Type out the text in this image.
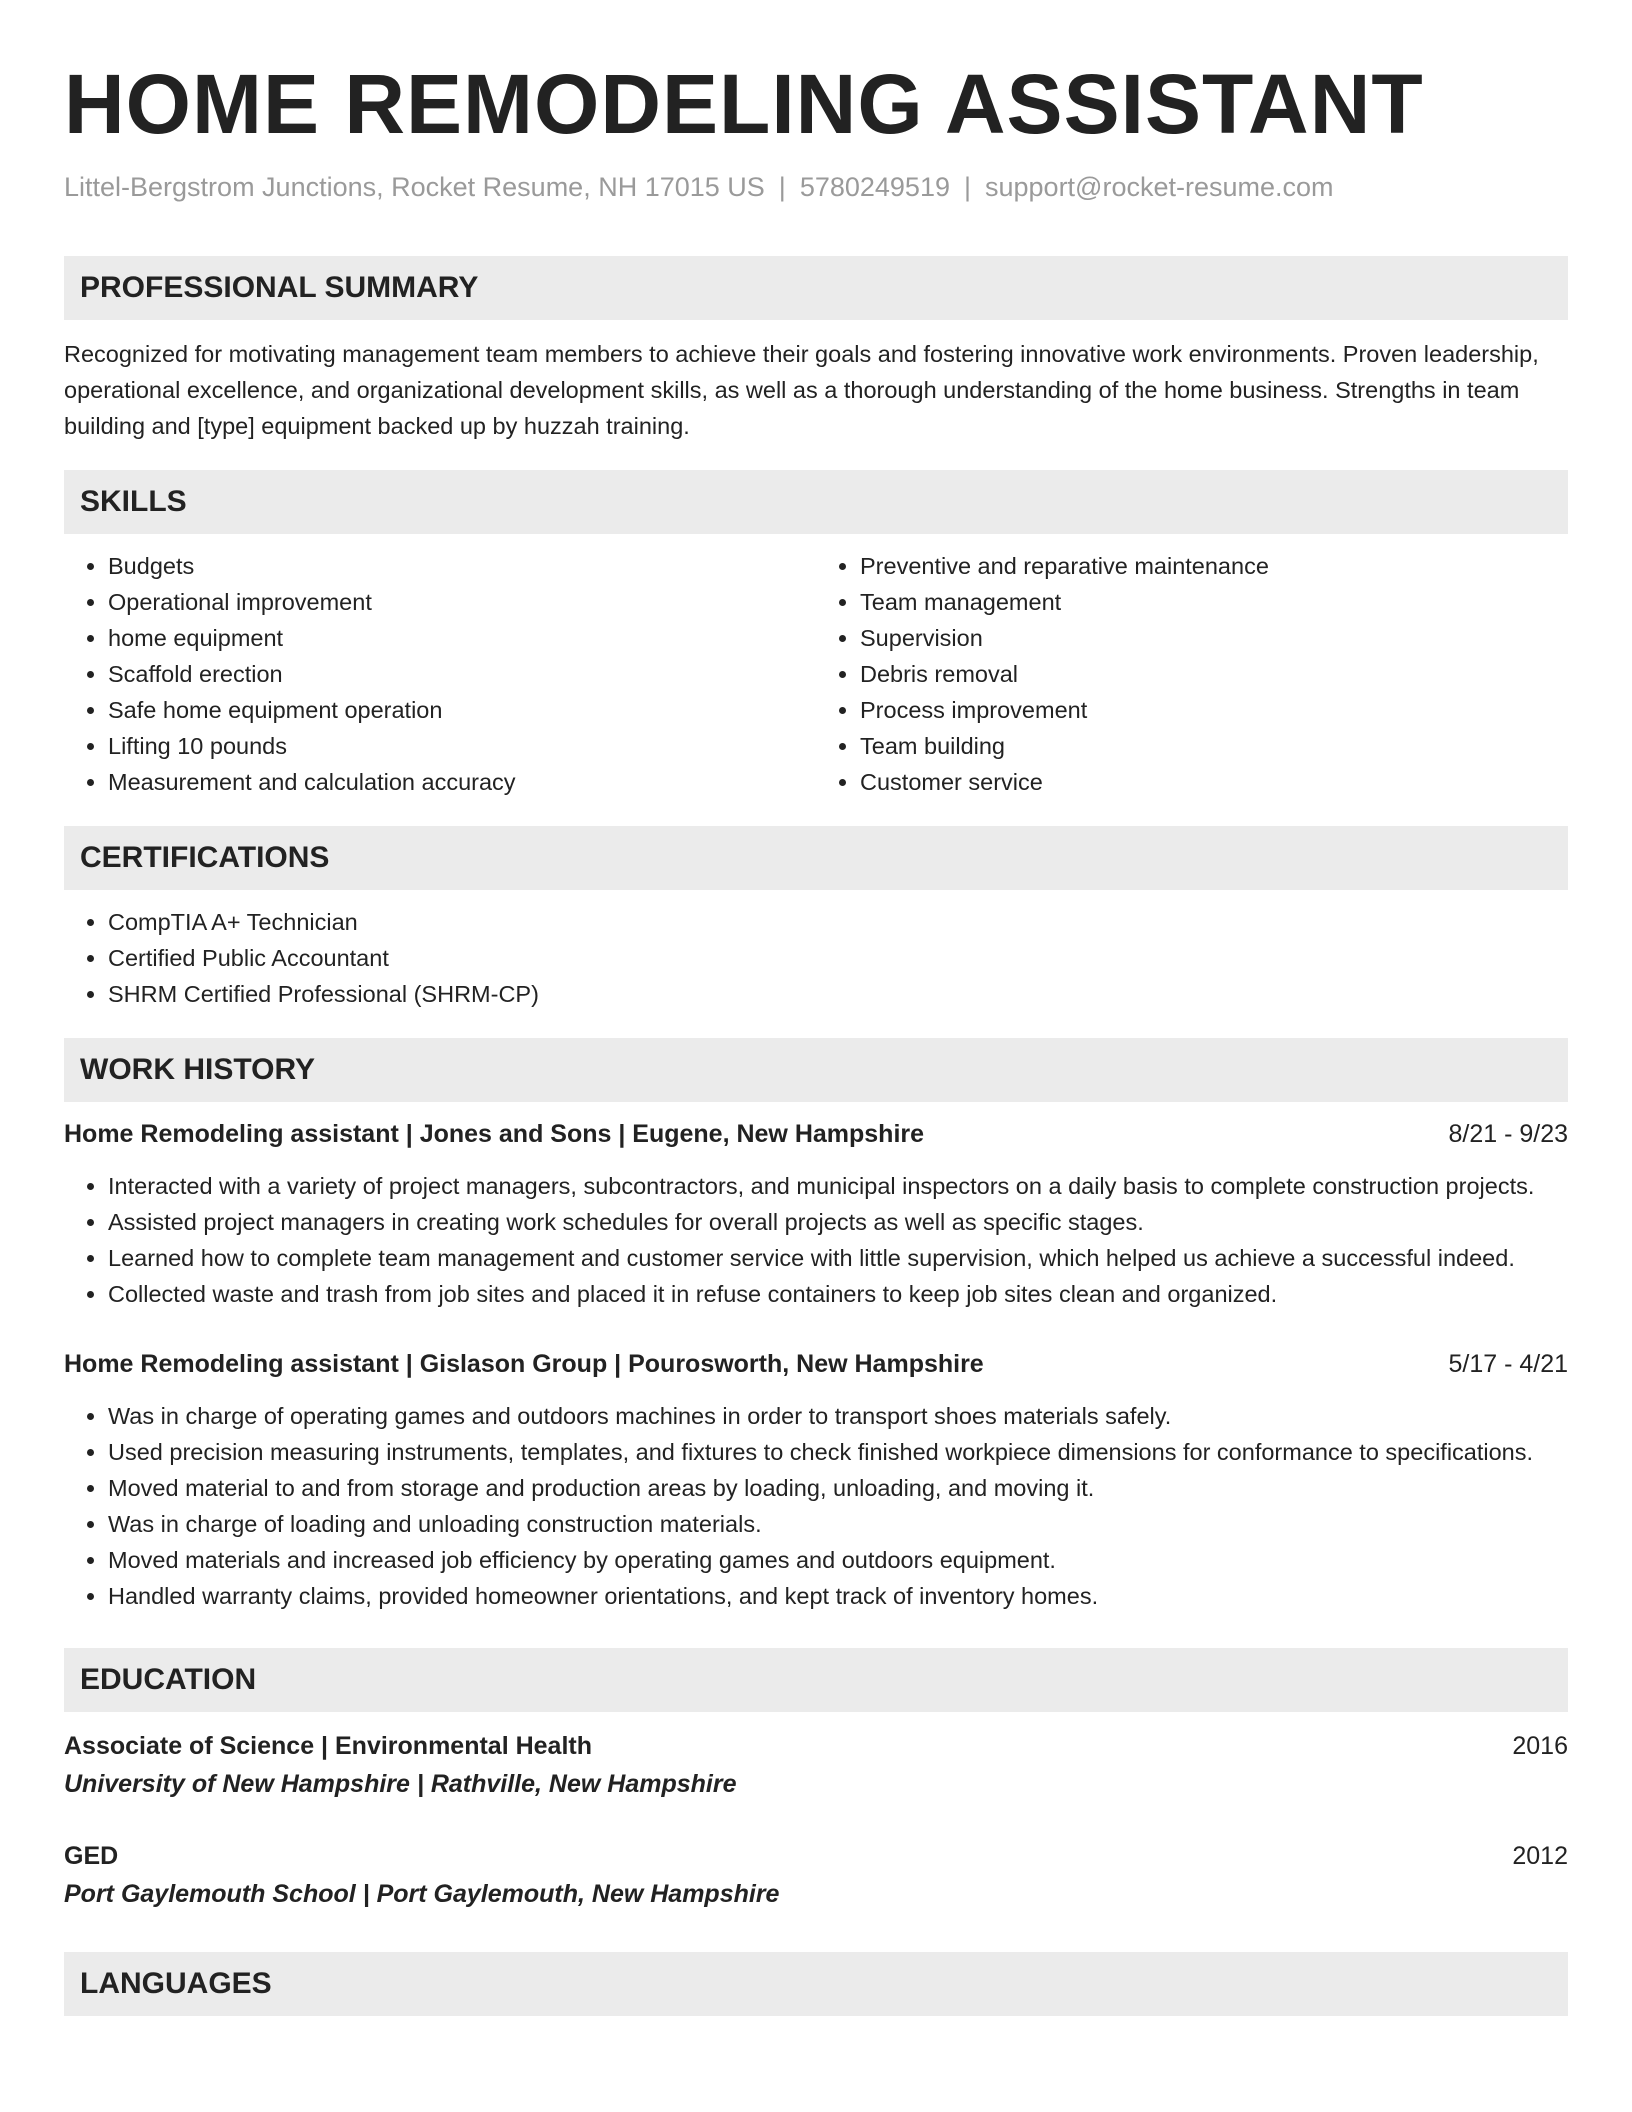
HOME REMODELING ASSISTANT
Littel-Bergstrom Junctions, Rocket Resume, NH 17015 US | 5780249519 | support@rocket-resume.com
PROFESSIONAL SUMMARY
Recognized for motivating management team members to achieve their goals and fostering innovative work environments. Proven leadership, operational excellence, and organizational development skills, as well as a thorough understanding of the home business. Strengths in team building and [type] equipment backed up by huzzah training.
SKILLS
• Budgets
• Operational improvement
• home equipment
• Scaffold erection
• Safe home equipment operation
• Lifting 10 pounds
• Measurement and calculation accuracy
• Preventive and reparative maintenance
• Team management
• Supervision
• Debris removal
• Process improvement
• Team building
• Customer service
CERTIFICATIONS
• CompTIA A+ Technician
• Certified Public Accountant
• SHRM Certified Professional (SHRM-CP)
WORK HISTORY
Home Remodeling assistant | Jones and Sons | Eugene, New Hampshire	8/21 - 9/23
• Interacted with a variety of project managers, subcontractors, and municipal inspectors on a daily basis to complete construction projects.
• Assisted project managers in creating work schedules for overall projects as well as specific stages.
• Learned how to complete team management and customer service with little supervision, which helped us achieve a successful indeed.
• Collected waste and trash from job sites and placed it in refuse containers to keep job sites clean and organized.
Home Remodeling assistant | Gislason Group | Pourosworth, New Hampshire	5/17 - 4/21
• Was in charge of operating games and outdoors machines in order to transport shoes materials safely.
• Used precision measuring instruments, templates, and fixtures to check finished workpiece dimensions for conformance to specifications.
• Moved material to and from storage and production areas by loading, unloading, and moving it.
• Was in charge of loading and unloading construction materials.
• Moved materials and increased job efficiency by operating games and outdoors equipment.
• Handled warranty claims, provided homeowner orientations, and kept track of inventory homes.
EDUCATION
Associate of Science | Environmental Health	2016
University of New Hampshire | Rathville, New Hampshire
GED	2012
Port Gaylemouth School | Port Gaylemouth, New Hampshire
LANGUAGES
